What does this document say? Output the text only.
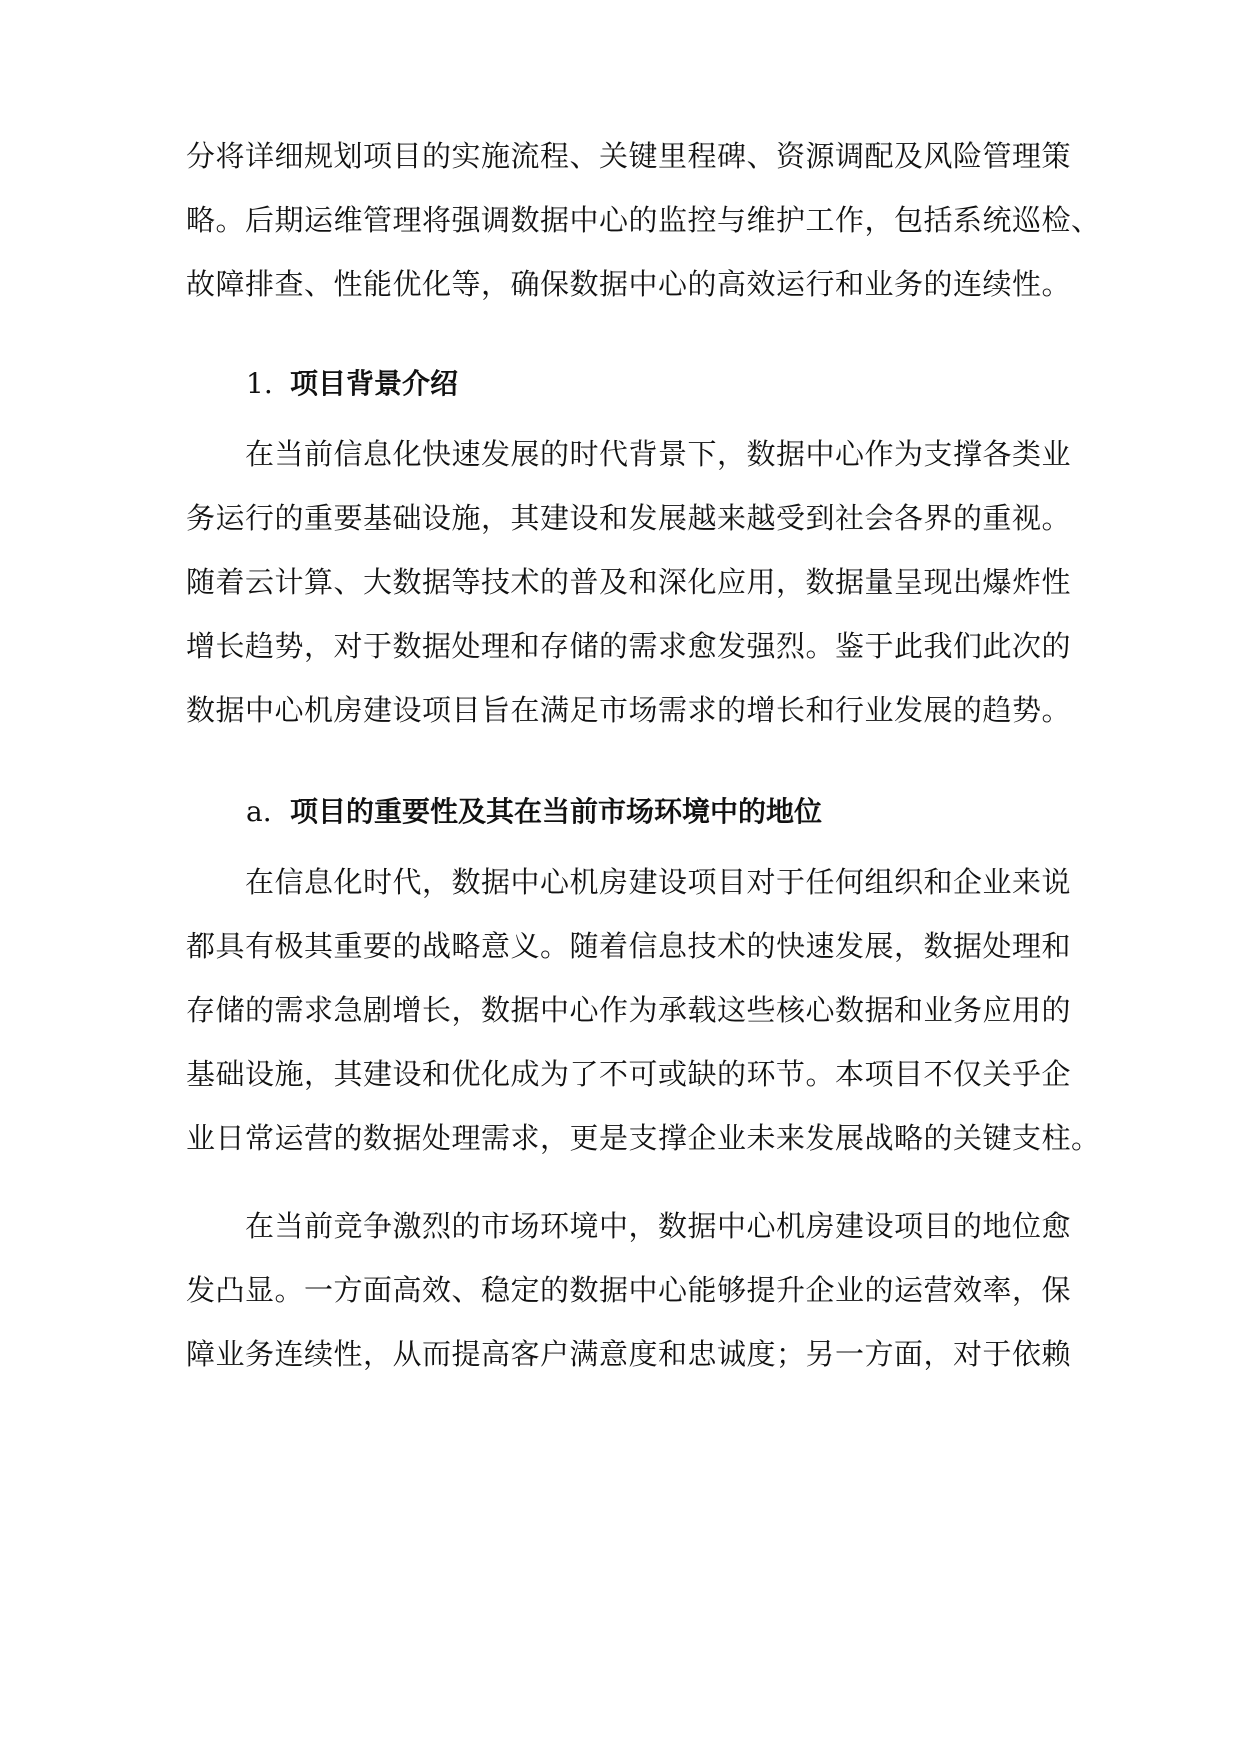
分将详细规划项目的实施流程、关键里程碑、资源调配及风险管理策
略。后期运维管理将强调数据中心的监控与维护工作，包括系统巡检、
故障排查、性能优化等，确保数据中心的高效运行和业务的连续性。
1. 项目背景介绍
　　在当前信息化快速发展的时代背景下，数据中心作为支撑各类业
务运行的重要基础设施，其建设和发展越来越受到社会各界的重视。
随着云计算、大数据等技术的普及和深化应用，数据量呈现出爆炸性
增长趋势，对于数据处理和存储的需求愈发强烈。鉴于此我们此次的
数据中心机房建设项目旨在满足市场需求的增长和行业发展的趋势。
a. 项目的重要性及其在当前市场环境中的地位
　　在信息化时代，数据中心机房建设项目对于任何组织和企业来说
都具有极其重要的战略意义。随着信息技术的快速发展，数据处理和
存储的需求急剧增长，数据中心作为承载这些核心数据和业务应用的
基础设施，其建设和优化成为了不可或缺的环节。本项目不仅关乎企
业日常运营的数据处理需求，更是支撑企业未来发展战略的关键支柱。
　　在当前竞争激烈的市场环境中，数据中心机房建设项目的地位愈
发凸显。一方面高效、稳定的数据中心能够提升企业的运营效率，保
障业务连续性，从而提高客户满意度和忠诚度；另一方面，对于依赖
